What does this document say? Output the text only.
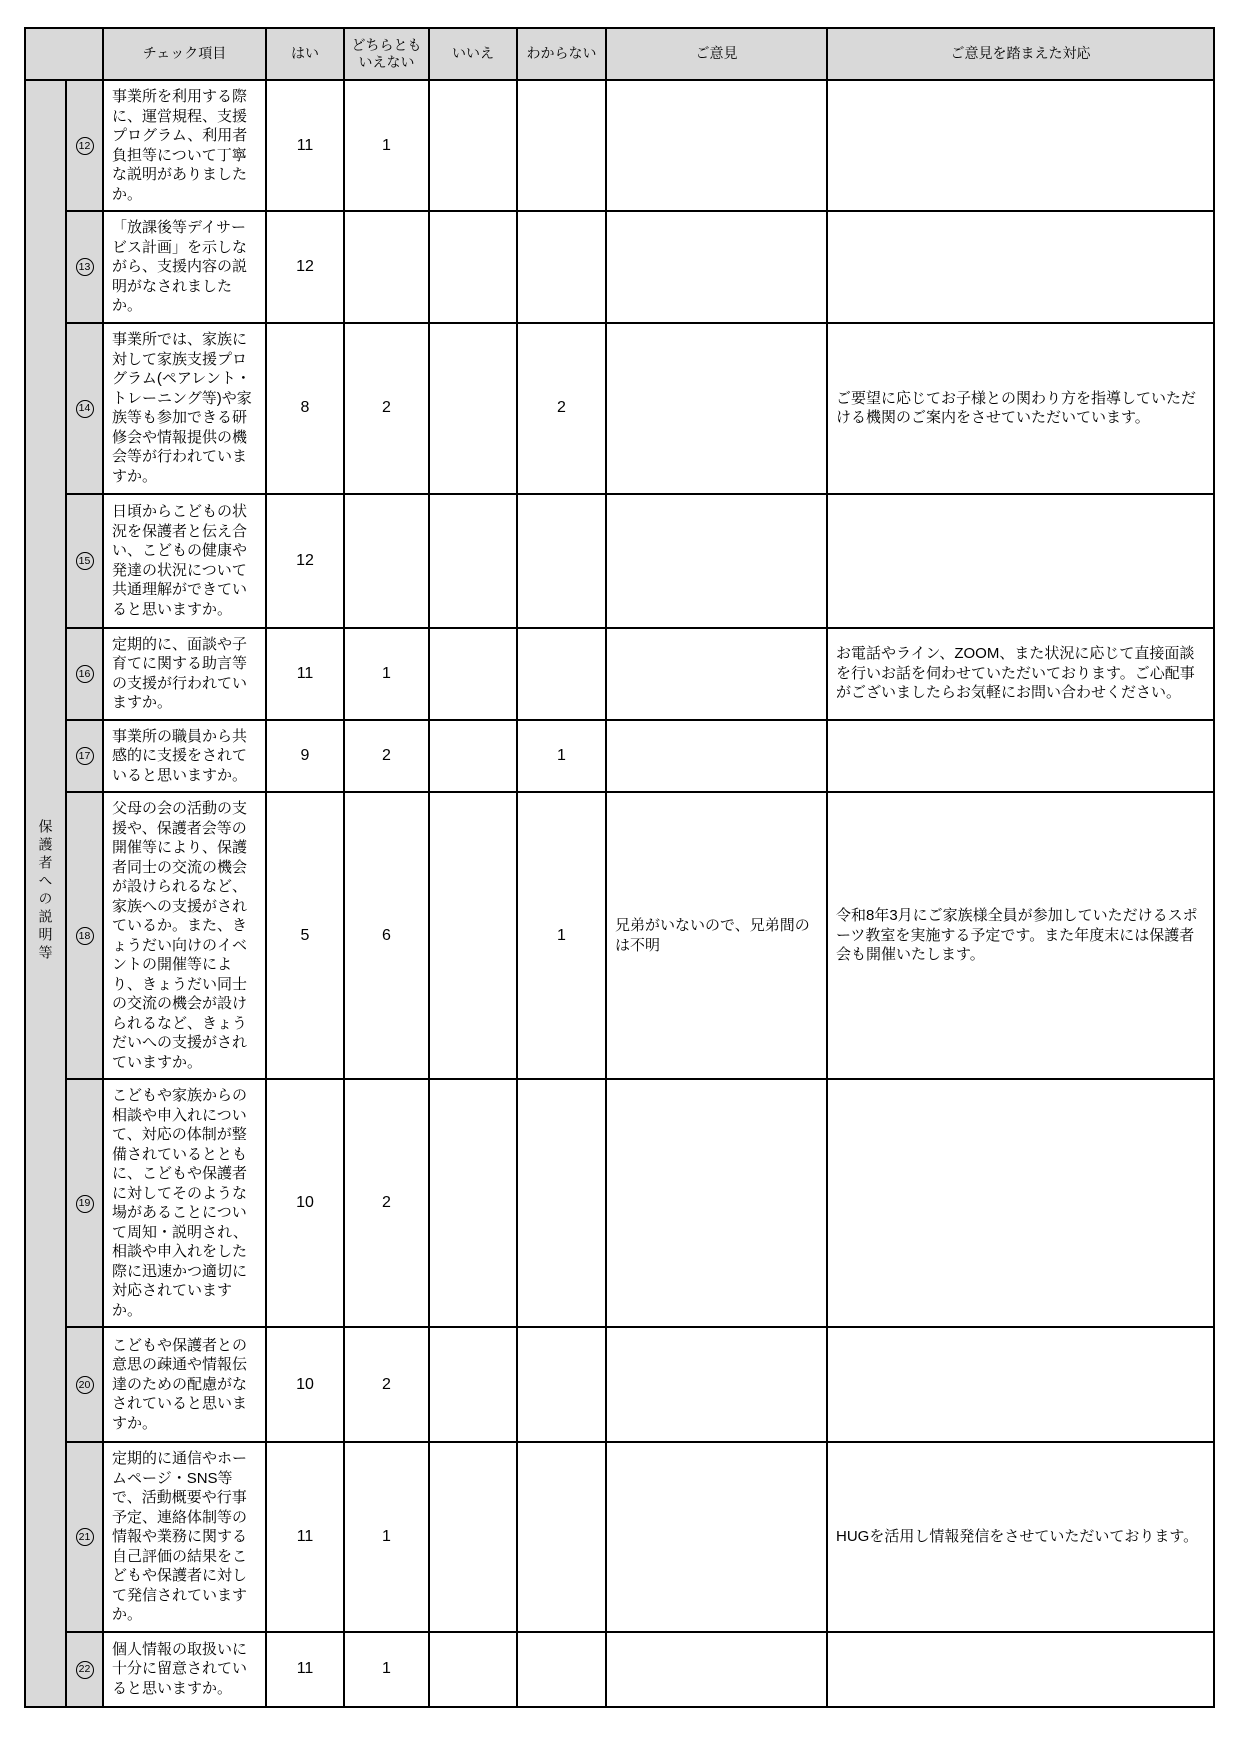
		チェック項目	はい	どちらともいえない	いいえ	わからない	ご意見	ご意見を踏まえた対応
保護者への説明等	12	事業所を利用する際に、運営規程、支援プログラム、利用者負担等について丁寧な説明がありましたか。	11	1				
	13	「放課後等デイサービス計画」を示しながら、支援内容の説明がなされましたか。	12					
	14	事業所では、家族に対して家族支援プログラム(ペアレント・トレーニング等)や家族等も参加できる研修会や情報提供の機会等が行われていますか。	8	2		2		ご要望に応じてお子様との関わり方を指導していただける機関のご案内をさせていただいています。
	15	日頃からこどもの状況を保護者と伝え合い、こどもの健康や発達の状況について共通理解ができていると思いますか。	12					
	16	定期的に、面談や子育てに関する助言等の支援が行われていますか。	11	1				お電話やライン、ZOOM、また状況に応じて直接面談を行いお話を伺わせていただいております。ご心配事がございましたらお気軽にお問い合わせください。
	17	事業所の職員から共感的に支援をされていると思いますか。	9	2		1		
	18	父母の会の活動の支援や、保護者会等の開催等により、保護者同士の交流の機会が設けられるなど、家族への支援がされているか。また、きょうだい向けのイベントの開催等により、きょうだい同士の交流の機会が設けられるなど、きょうだいへの支援がされていますか。	5	6		1	兄弟がいないので、兄弟間のは不明	令和8年3月にご家族様全員が参加していただけるスポーツ教室を実施する予定です。また年度末には保護者会も開催いたします。
	19	こどもや家族からの相談や申入れについて、対応の体制が整備されているとともに、こどもや保護者に対してそのような場があることについて周知・説明され、相談や申入れをした際に迅速かつ適切に対応されていますか。	10	2				
	20	こどもや保護者との意思の疎通や情報伝達のための配慮がなされていると思いますか。	10	2				
	21	定期的に通信やホームページ・SNS等で、活動概要や行事予定、連絡体制等の情報や業務に関する自己評価の結果をこどもや保護者に対して発信されていますか。	11	1				HUGを活用し情報発信をさせていただいております。
	22	個人情報の取扱いに十分に留意されていると思いますか。	11	1				
